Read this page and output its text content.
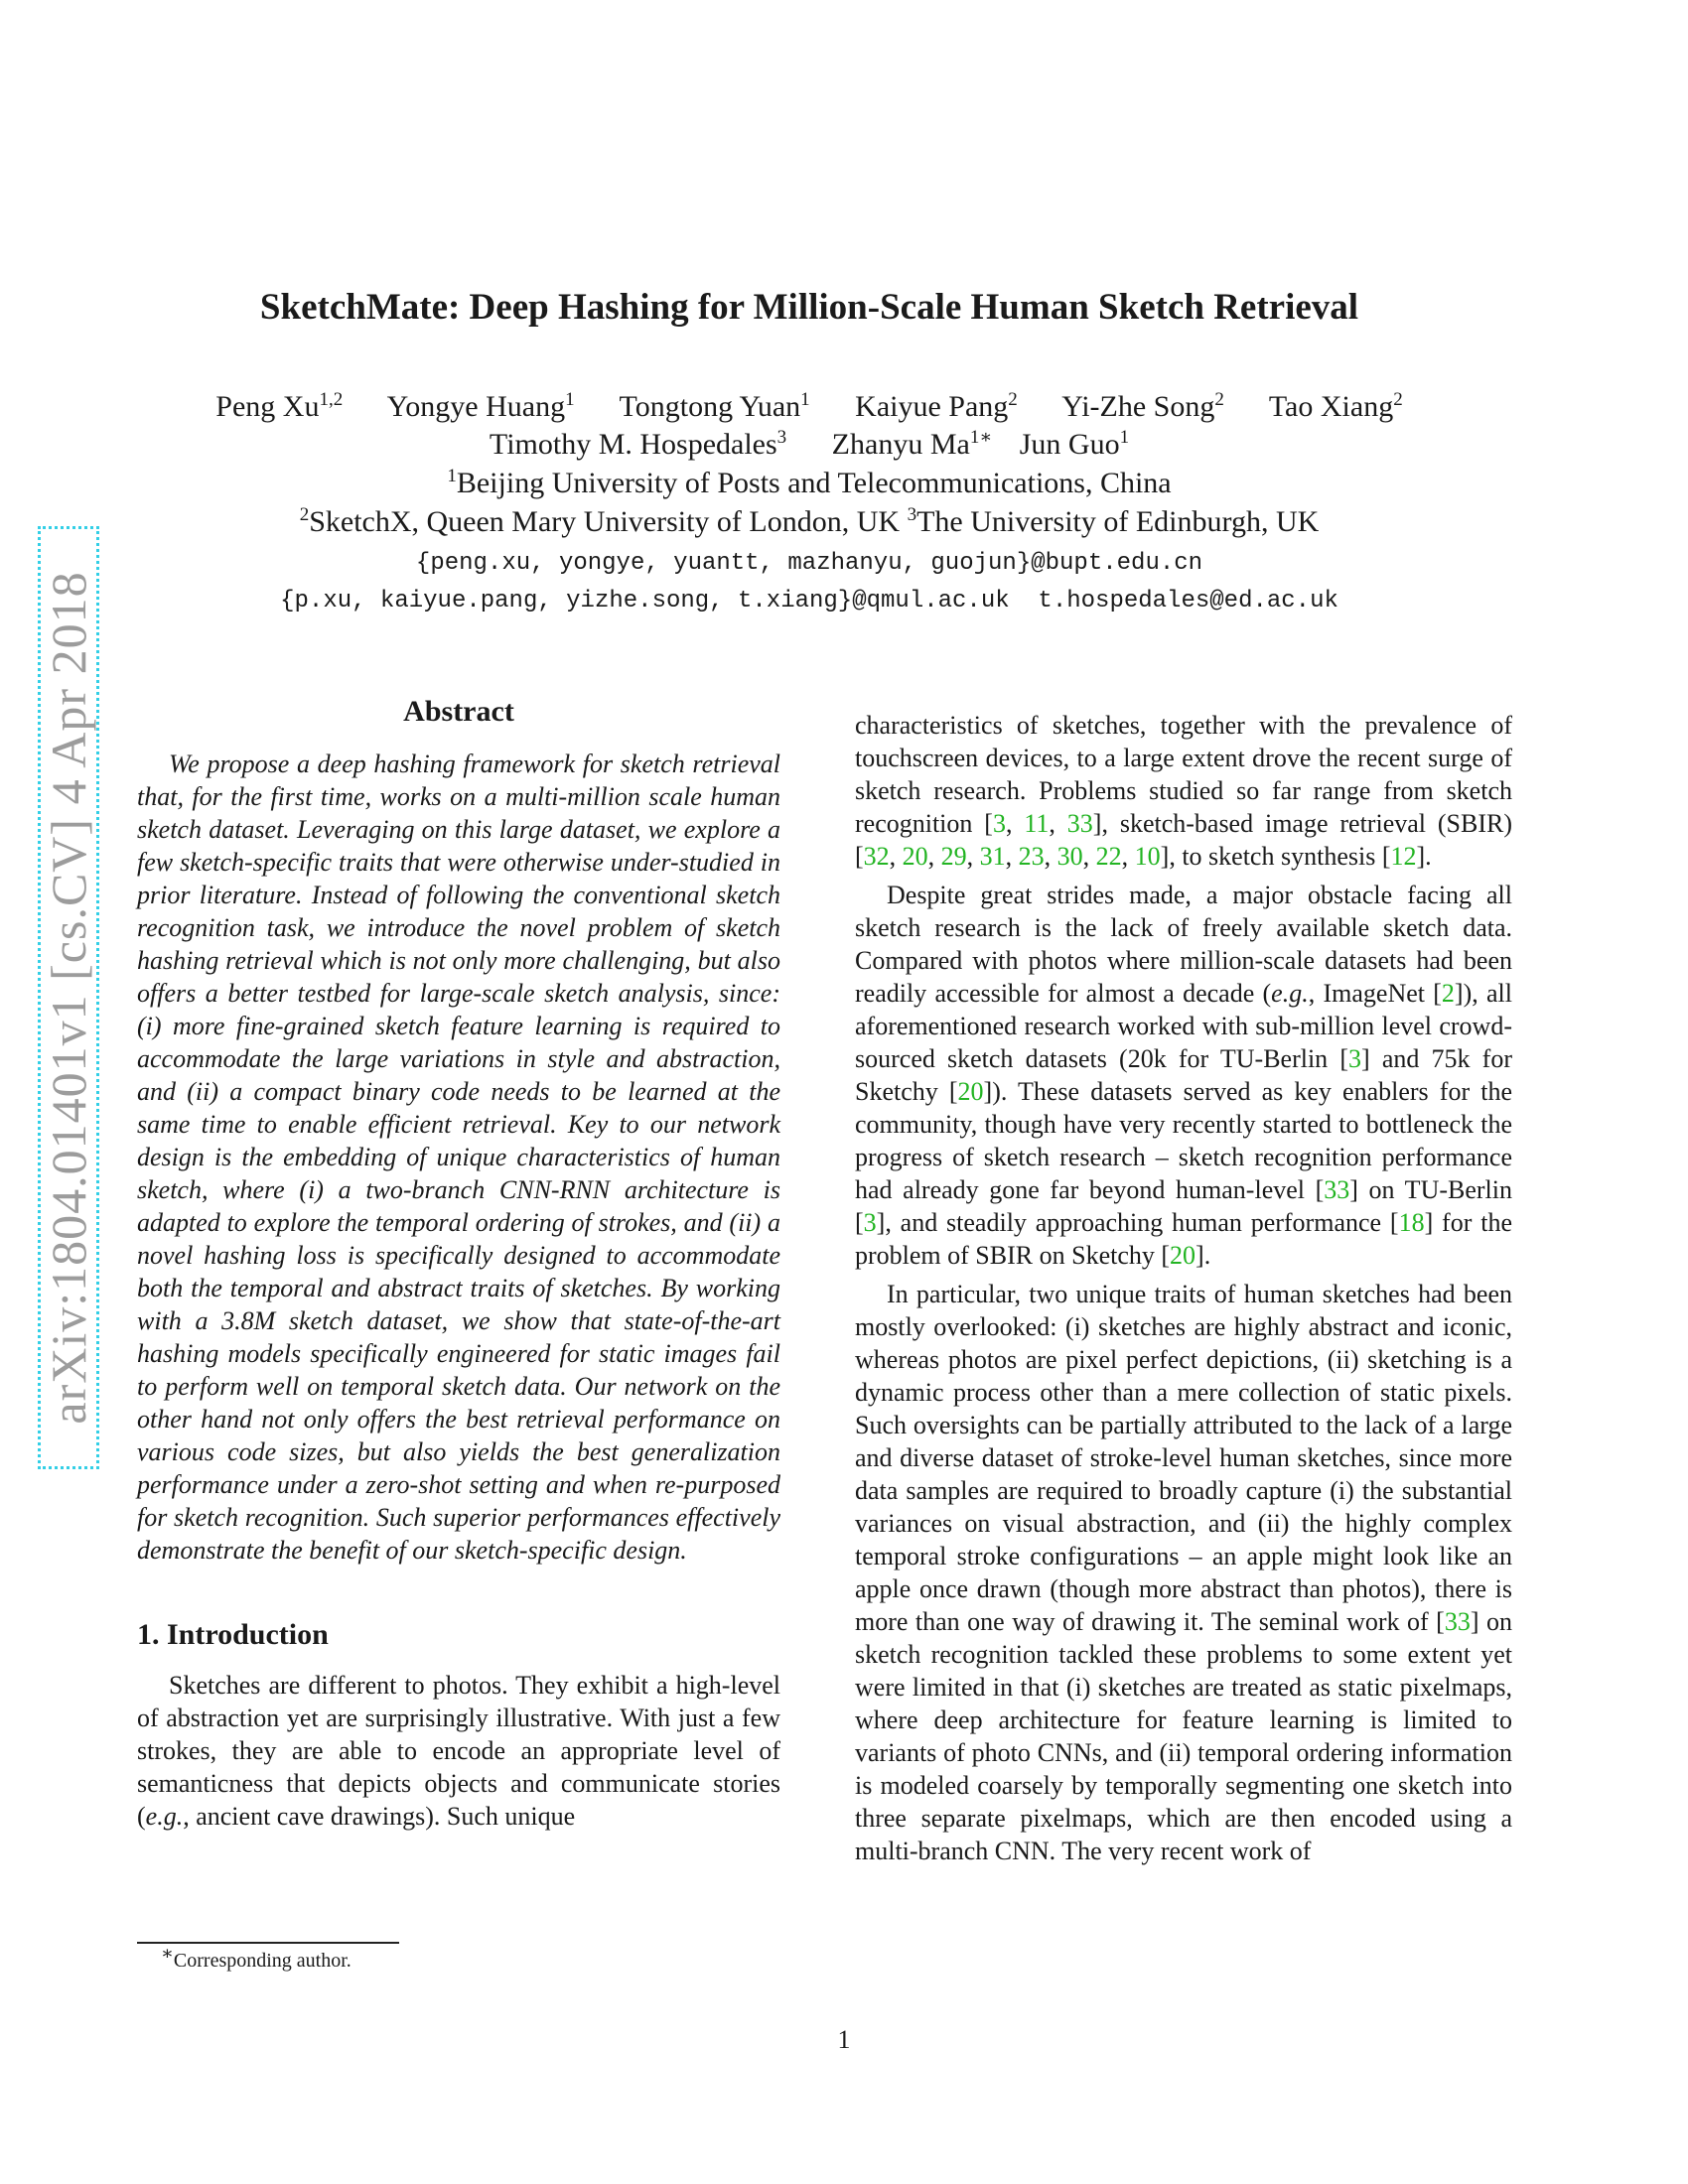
arXiv:1804.01401v1 [cs.CV] 4 Apr 2018
SketchMate: Deep Hashing for Million-Scale Human Sketch Retrieval
Peng Xu$^{1,2}$ Yongye Huang$^1$ Tongtong Yuan$^1$ Kaiyue Pang$^2$ Yi-Zhe Song$^2$ Tao Xiang$^2$
Timothy M. Hospedales$^3$ Zhanyu $Ma^{1∗}$ Jun Guo$^1$
$^1$Beijing University of Posts and Telecommunications, China
$^2$SketchX, Queen Mary University of London, UK $^3$The University of Edinburgh, UK
{peng.xu, yongye, yuantt, mazhanyu, guojun}@bupt.edu.cn
{p.xu, kaiyue.pang, yizhe.song, t.xiang}@qmul.ac.uk  t.hospedales@ed.ac.uk
Abstract

We propose a deep hashing framework for sketch retrieval that, for the first time, works on a multi-million scale human sketch dataset. Leveraging on this large dataset, we explore a few sketch-specific traits that were otherwise under-studied in prior literature. Instead of following the conventional sketch recognition task, we introduce the novel problem of sketch hashing retrieval which is not only more challenging, but also offers a better testbed for large-scale sketch analysis, since: (i) more fine-grained sketch feature learning is required to accommodate the large variations in style and abstraction, and (ii) a compact binary code needs to be learned at the same time to enable efficient retrieval. Key to our network design is the embedding of unique characteristics of human sketch, where (i) a two-branch CNN-RNN architecture is adapted to explore the temporal ordering of strokes, and (ii) a novel hashing loss is specifically designed to accommodate both the temporal and abstract traits of sketches. By working with a 3.8M sketch dataset, we show that state-of-the-art hashing models specifically engineered for static images fail to perform well on temporal sketch data. Our network on the other hand not only offers the best retrieval performance on various code sizes, but also yields the best generalization performance under a zero-shot setting and when re-purposed for sketch recognition. Such superior performances effectively demonstrate the benefit of our sketch-specific design.

1. Introduction

Sketches are different to photos. They exhibit a high-level of abstraction yet are surprisingly illustrative. With just a few strokes, they are able to encode an appropriate level of semanticness that depicts objects and communicate stories (e.g., ancient cave drawings). Such unique

∗Corresponding author.

characteristics of sketches, together with the prevalence of touchscreen devices, to a large extent drove the recent surge of sketch research. Problems studied so far range from sketch recognition [3, 11, 33], sketch-based image retrieval (SBIR) [32, 20, 29, 31, 23, 30, 22, 10], to sketch synthesis [12].

Despite great strides made, a major obstacle facing all sketch research is the lack of freely available sketch data. Compared with photos where million-scale datasets had been readily accessible for almost a decade (e.g., ImageNet [2]), all aforementioned research worked with sub-million level crowd-sourced sketch datasets (20k for TU-Berlin [3] and 75k for Sketchy [20]). These datasets served as key enablers for the community, though have very recently started to bottleneck the progress of sketch research – sketch recognition performance had already gone far beyond human-level [33] on TU-Berlin [3], and steadily approaching human performance [18] for the problem of SBIR on Sketchy [20].

In particular, two unique traits of human sketches had been mostly overlooked: (i) sketches are highly abstract and iconic, whereas photos are pixel perfect depictions, (ii) sketching is a dynamic process other than a mere collection of static pixels. Such oversights can be partially attributed to the lack of a large and diverse dataset of stroke-level human sketches, since more data samples are required to broadly capture (i) the substantial variances on visual abstraction, and (ii) the highly complex temporal stroke configurations – an apple might look like an apple once drawn (though more abstract than photos), there is more than one way of drawing it. The seminal work of [33] on sketch recognition tackled these problems to some extent yet were limited in that (i) sketches are treated as static pixelmaps, where deep architecture for feature learning is limited to variants of photo CNNs, and (ii) temporal ordering information is modeled coarsely by temporally segmenting one sketch into three separate pixelmaps, which are then encoded using a multi-branch CNN. The very recent work of

1
